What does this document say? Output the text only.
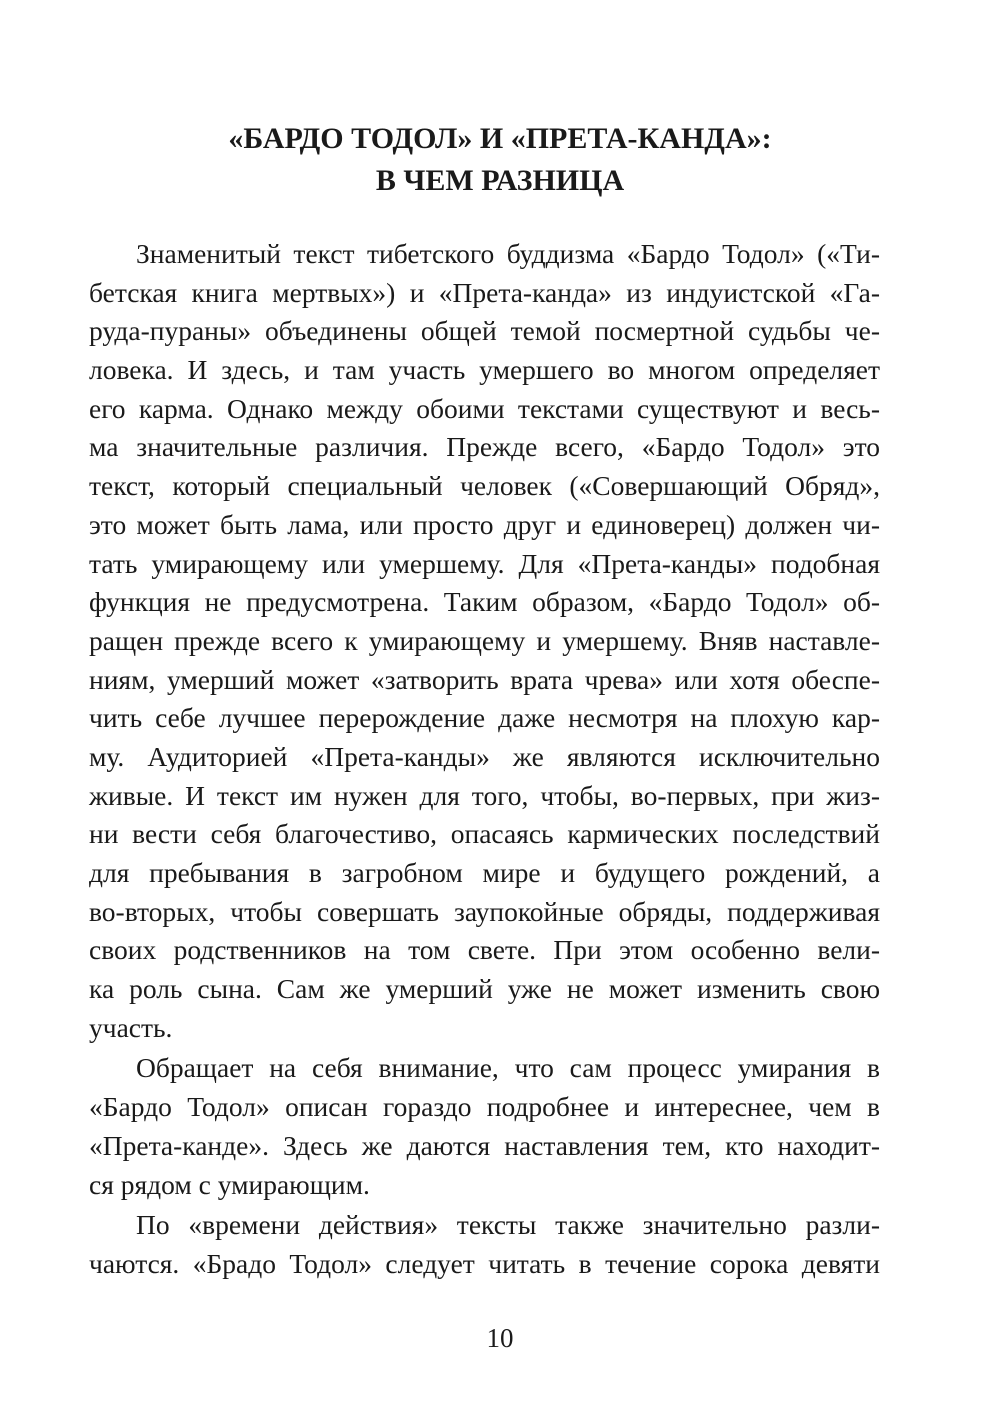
«БАРДО ТОДОЛ» И «ПРЕТА-КАНДА»:
В ЧЕМ РАЗНИЦА
Знаменитый текст тибетского буддизма «Бардо Тодол» («Ти-
бетская книга мертвых») и «Прета-канда» из индуистской «Га-
руда-пураны» объединены общей темой посмертной судьбы че-
ловека. И здесь, и там участь умершего во многом определяет
его карма. Однако между обоими текстами существуют и весь-
ма значительные различия. Прежде всего, «Бардо Тодол» это
текст, который специальный человек («Совершающий Обряд»,
это может быть лама, или просто друг и единоверец) должен чи-
тать умирающему или умершему. Для «Прета-канды» подобная
функция не предусмотрена. Таким образом, «Бардо Тодол» об-
ращен прежде всего к умирающему и умершему. Вняв наставле-
ниям, умерший может «затворить врата чрева» или хотя обеспе-
чить себе лучшее перерождение даже несмотря на плохую кар-
му. Аудиторией «Прета-канды» же являются исключительно
живые. И текст им нужен для того, чтобы, во-первых, при жиз-
ни вести себя благочестиво, опасаясь кармических последствий
для пребывания в загробном мире и будущего рождений, а
во-вторых, чтобы совершать заупокойные обряды, поддерживая
своих родственников на том свете. При этом особенно вели-
ка роль сына. Сам же умерший уже не может изменить свою
участь.
Обращает на себя внимание, что сам процесс умирания в
«Бардо Тодол» описан гораздо подробнее и интереснее, чем в
«Прета-канде». Здесь же даются наставления тем, кто находит-
ся рядом с умирающим.
По «времени действия» тексты также значительно разли-
чаются. «Брадо Тодол» следует читать в течение сорока девяти
10
